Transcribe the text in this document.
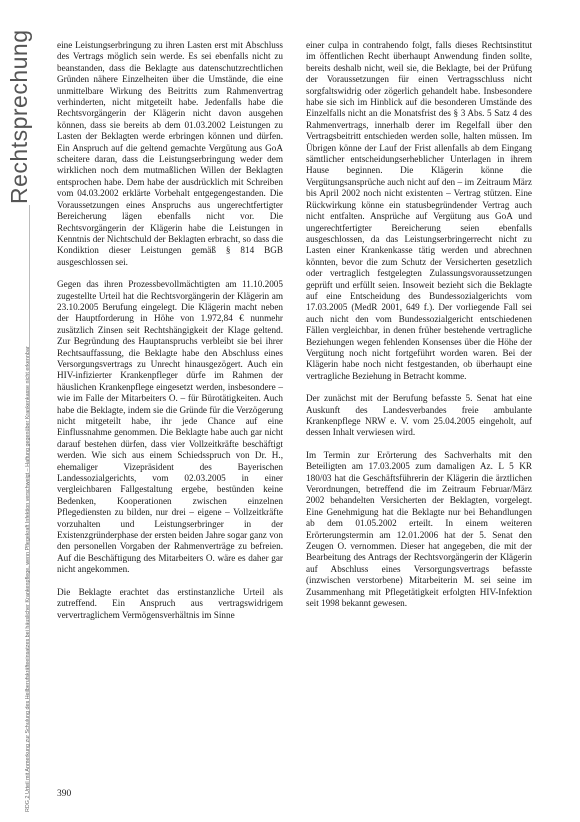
Rechtsprechung
RDG 2 Urteil mit Anmerkung zur Schulung des Heilberufskräfteeinsatzes bei häuslicher Krankenpflege, wenn Pflegekraft Infektion verschweigt – Haftung gegenüber Krankenkasse nicht erkennbar

eine Leistungserbringung zu ihren Lasten erst mit Abschluss des Vertrags möglich sein werde. Es sei ebenfalls nicht zu beanstanden, dass die Beklagte aus datenschutzrechtlichen Gründen nähere Einzelheiten über die Umstände, die eine unmittelbare Wirkung des Beitritts zum Rahmenvertrag verhinderten, nicht mitgeteilt habe. Jedenfalls habe die Rechtsvorgängerin der Klägerin nicht davon ausgehen können, dass sie bereits ab dem 01.03.2002 Leistungen zu Lasten der Beklagten werde erbringen können und dürfen. Ein Anspruch auf die geltend gemachte Vergütung aus GoA scheitere daran, dass die Leistungserbringung weder dem wirklichen noch dem mutmaßlichen Willen der Beklagten entsprochen habe. Dem habe der ausdrücklich mit Schreiben vom 04.03.2002 erklärte Vorbehalt entgegengestanden. Die Voraussetzungen eines Anspruchs aus ungerechtfertigter Bereicherung lägen ebenfalls nicht vor. Die Rechtsvorgängerin der Klägerin habe die Leistungen in Kenntnis der Nichtschuld der Beklagten erbracht, so dass die Kondiktion dieser Leistungen gemäß § 814 BGB ausgeschlossen sei.

Gegen das ihren Prozessbevollmächtigten am 11.10.2005 zugestellte Urteil hat die Rechtsvorgängerin der Klägerin am 23.10.2005 Berufung eingelegt. Die Klägerin macht neben der Hauptforderung in Höhe von 1.972,84 € nunmehr zusätzlich Zinsen seit Rechtshängigkeit der Klage geltend. Zur Begründung des Hauptanspruchs verbleibt sie bei ihrer Rechtsauffassung, die Beklagte habe den Abschluss eines Versorgungsvertrags zu Unrecht hinausgezögert. Auch ein HIV-infizierter Krankenpfleger dürfe im Rahmen der häuslichen Krankenpflege eingesetzt werden, insbesondere – wie im Falle der Mitarbeiters O. – für Bürotätigkeiten. Auch habe die Beklagte, indem sie die Gründe für die Verzögerung nicht mitgeteilt habe, ihr jede Chance auf eine Einflussnahme genommen. Die Beklagte habe auch gar nicht darauf bestehen dürfen, dass vier Vollzeitkräfte beschäftigt werden. Wie sich aus einem Schiedsspruch von Dr. H., ehemaliger Vizepräsident des Bayerischen Landessozialgerichts, vom 02.03.2005 in einer vergleichbaren Fallgestaltung ergebe, bestünden keine Bedenken, Kooperationen zwischen einzelnen Pflegediensten zu bilden, nur drei – eigene – Vollzeitkräfte vorzuhalten und Leistungserbringer in der Existenzgründerphase der ersten beiden Jahre sogar ganz von den personellen Vorgaben der Rahmenverträge zu befreien. Auf die Beschäftigung des Mitarbeiters O. wäre es daher gar nicht angekommen.

Die Beklagte erachtet das erstinstanzliche Urteil als zutreffend. Ein Anspruch aus vertragswidrigem ververtraglichem Vermögensverhältnis im Sinne

einer culpa in contrahendo folgt, falls dieses Rechtsinstitut im öffentlichen Recht überhaupt Anwendung finden sollte, bereits deshalb nicht, weil sie, die Beklagte, bei der Prüfung der Voraussetzungen für einen Vertragsschluss nicht sorgfaltswidrig oder zögerlich gehandelt habe. Insbesondere habe sie sich im Hinblick auf die besonderen Umstände des Einzelfalls nicht an die Monatsfrist des § 3 Abs. 5 Satz 4 des Rahmenvertrags, innerhalb derer im Regelfall über den Vertragsbeitritt entschieden werden solle, halten müssen. Im Übrigen könne der Lauf der Frist allenfalls ab dem Eingang sämtlicher entscheidungserheblicher Unterlagen in ihrem Hause beginnen. Die Klägerin könne die Vergütungsansprüche auch nicht auf den – im Zeitraum März bis April 2002 noch nicht existenten – Vertrag stützen. Eine Rückwirkung könne ein statusbegründender Vertrag auch nicht entfalten. Ansprüche auf Vergütung aus GoA und ungerechtfertigter Bereicherung seien ebenfalls ausgeschlossen, da das Leistungserbringerrecht nicht zu Lasten einer Krankenkasse tätig werden und abrechnen könnten, bevor die zum Schutz der Versicherten gesetzlich oder vertraglich festgelegten Zulassungsvoraussetzungen geprüft und erfüllt seien. Insoweit bezieht sich die Beklagte auf eine Entscheidung des Bundessozialgerichts vom 17.03.2005 (MedR 2001, 649 f.). Der vorliegende Fall sei auch nicht den vom Bundessozialgericht entschiedenen Fällen vergleichbar, in denen früher bestehende vertragliche Beziehungen wegen fehlenden Konsenses über die Höhe der Vergütung noch nicht fortgeführt worden waren. Bei der Klägerin habe noch nicht festgestanden, ob überhaupt eine vertragliche Beziehung in Betracht komme.

Der zunächst mit der Berufung befasste 5. Senat hat eine Auskunft des Landesverbandes freie ambulante Krankenpflege NRW e. V. vom 25.04.2005 eingeholt, auf dessen Inhalt verwiesen wird.

Im Termin zur Erörterung des Sachverhalts mit den Beteiligten am 17.03.2005 zum damaligen Az. L 5 KR 180/03 hat die Geschäftsführerin der Klägerin die ärztlichen Verordnungen, betreffend die im Zeitraum Februar/März 2002 behandelten Versicherten der Beklagten, vorgelegt. Eine Genehmigung hat die Beklagte nur bei Behandlungen ab dem 01.05.2002 erteilt. In einem weiteren Erörterungstermin am 12.01.2006 hat der 5. Senat den Zeugen O. vernommen. Dieser hat angegeben, die mit der Bearbeitung des Antrags der Rechtsvorgängerin der Klägerin auf Abschluss eines Versorgungsvertrags befasste (inzwischen verstorbene) Mitarbeiterin M. sei seine im Zusammenhang mit Pflegetätigkeit erfolgten HIV-Infektion seit 1998 bekannt gewesen.

390
